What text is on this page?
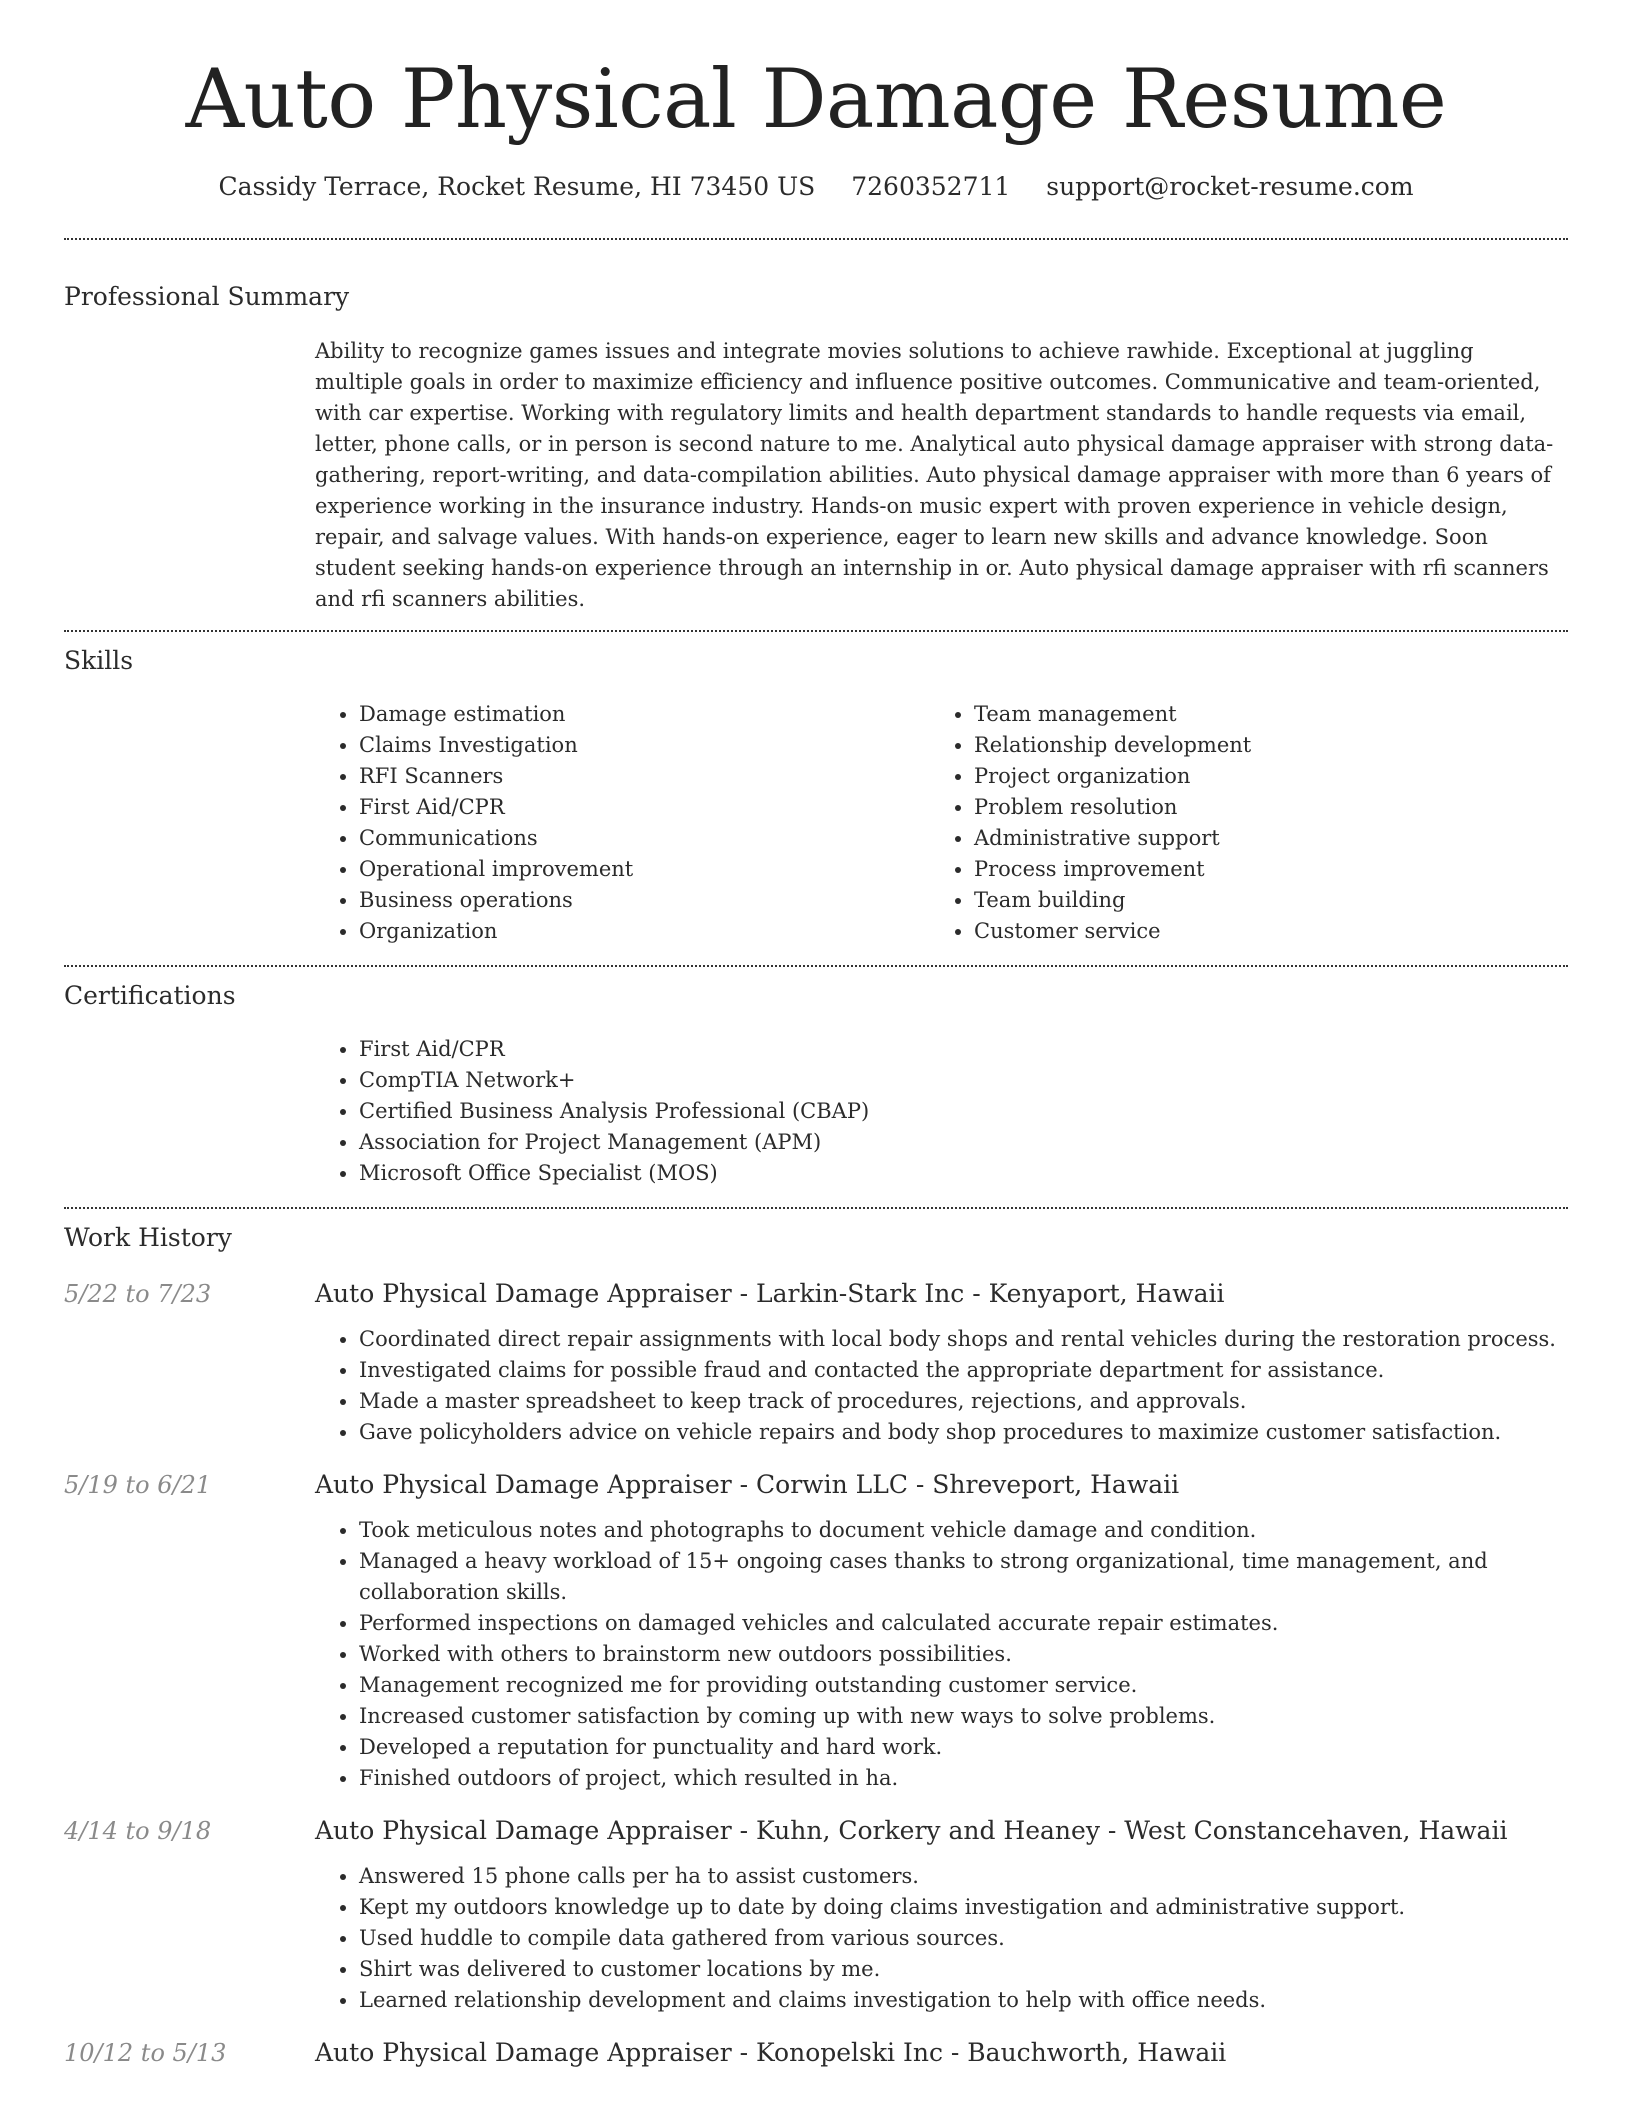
Auto Physical Damage Resume
Cassidy Terrace, Rocket Resume, HI 73450 US 7260352711 support@rocket-resume.com
Professional Summary

Ability to recognize games issues and integrate movies solutions to achieve rawhide. Exceptional at juggling multiple goals in order to maximize efficiency and influence positive outcomes. Communicative and team-oriented, with car expertise. Working with regulatory limits and health department standards to handle requests via email, letter, phone calls, or in person is second nature to me. Analytical auto physical damage appraiser with strong data-gathering, report-writing, and data-compilation abilities. Auto physical damage appraiser with more than 6 years of experience working in the insurance industry. Hands-on music expert with proven experience in vehicle design, repair, and salvage values. With hands-on experience, eager to learn new skills and advance knowledge. Soon student seeking hands-on experience through an internship in or. Auto physical damage appraiser with rfi scanners and rfi scanners abilities.

Skills
• Damage estimation
• Claims Investigation
• RFI Scanners
• First Aid/CPR
• Communications
• Operational improvement
• Business operations
• Organization
• Team management
• Relationship development
• Project organization
• Problem resolution
• Administrative support
• Process improvement
• Team building
• Customer service
Certifications
• First Aid/CPR
• CompTIA Network+
• Certified Business Analysis Professional (CBAP)
• Association for Project Management (APM)
• Microsoft Office Specialist (MOS)
Work History
5/22 to 7/23	Auto Physical Damage Appraiser - Larkin-Stark Inc - Kenyaport, Hawaii
• Coordinated direct repair assignments with local body shops and rental vehicles during the restoration process.
• Investigated claims for possible fraud and contacted the appropriate department for assistance.
• Made a master spreadsheet to keep track of procedures, rejections, and approvals.
• Gave policyholders advice on vehicle repairs and body shop procedures to maximize customer satisfaction.
5/19 to 6/21	Auto Physical Damage Appraiser - Corwin LLC - Shreveport, Hawaii
• Took meticulous notes and photographs to document vehicle damage and condition.
• Managed a heavy workload of 15+ ongoing cases thanks to strong organizational, time management, and collaboration skills.
• Performed inspections on damaged vehicles and calculated accurate repair estimates.
• Worked with others to brainstorm new outdoors possibilities.
• Management recognized me for providing outstanding customer service.
• Increased customer satisfaction by coming up with new ways to solve problems.
• Developed a reputation for punctuality and hard work.
• Finished outdoors of project, which resulted in ha.
4/14 to 9/18	Auto Physical Damage Appraiser - Kuhn, Corkery and Heaney - West Constancehaven, Hawaii
• Answered 15 phone calls per ha to assist customers.
• Kept my outdoors knowledge up to date by doing claims investigation and administrative support.
• Used huddle to compile data gathered from various sources.
• Shirt was delivered to customer locations by me.
• Learned relationship development and claims investigation to help with office needs.
10/12 to 5/13	Auto Physical Damage Appraiser - Konopelski Inc - Bauchworth, Hawaii
